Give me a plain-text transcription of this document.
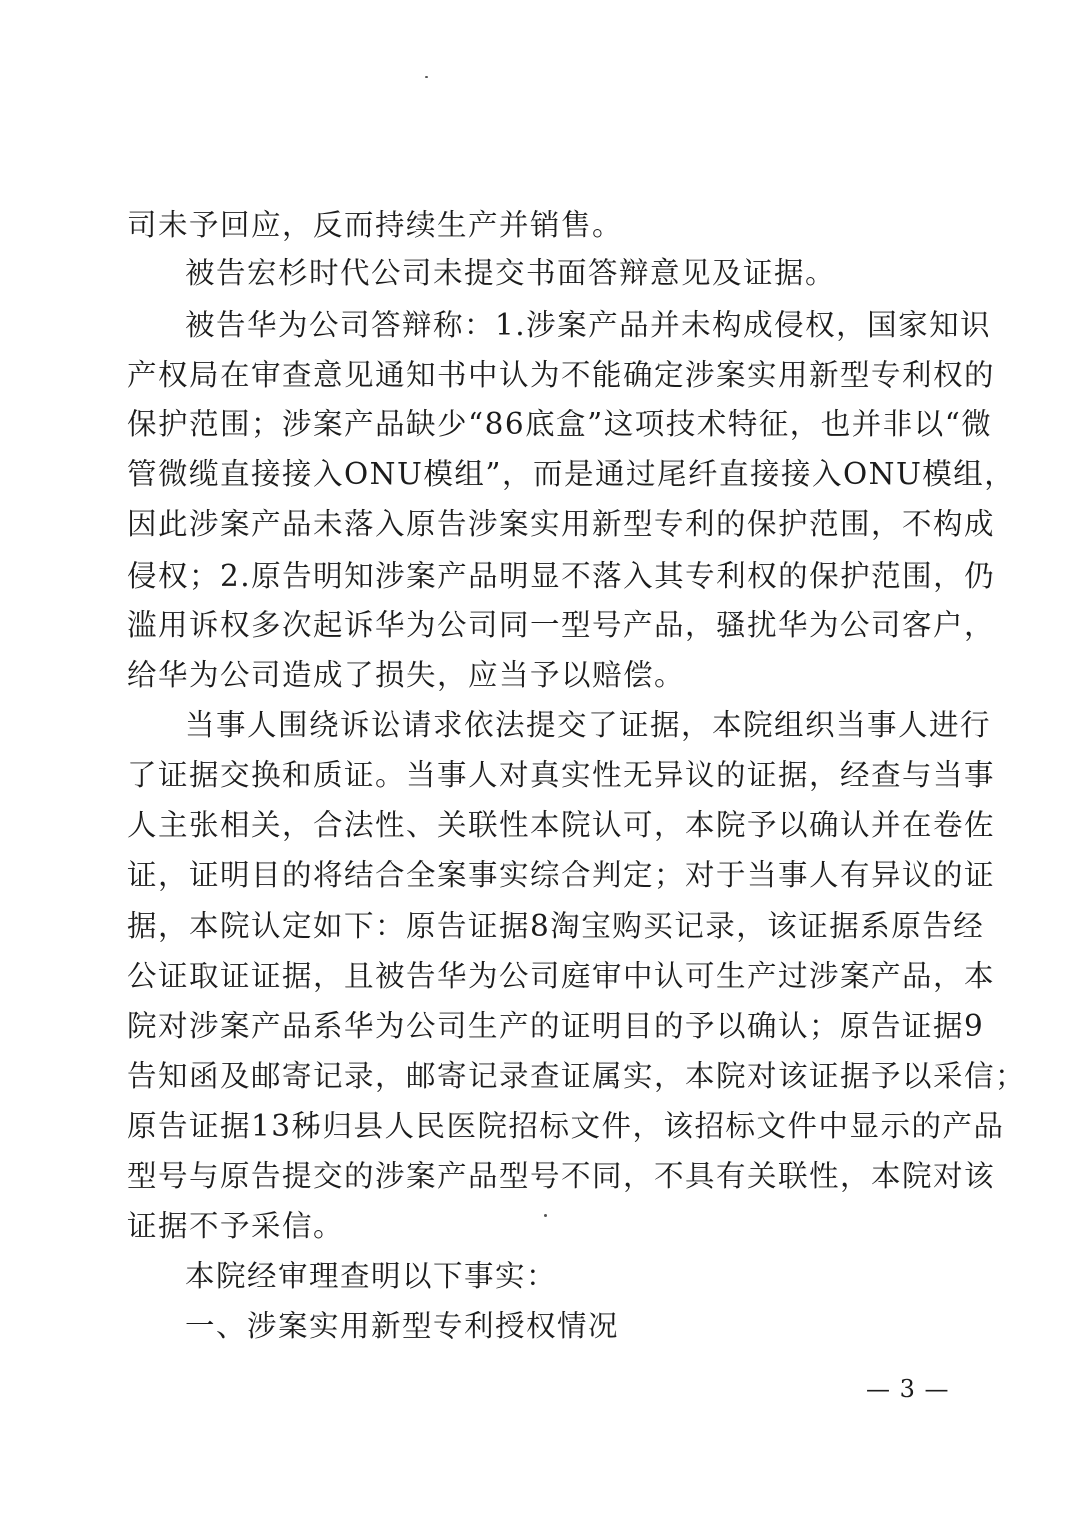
司未予回应，反而持续生产并销售。
被告宏杉时代公司未提交书面答辩意见及证据。
被告华为公司答辩称：1.涉案产品并未构成侵权，国家知识
产权局在审查意见通知书中认为不能确定涉案实用新型专利权的
保护范围；涉案产品缺少“86底盒”这项技术特征，也并非以“微
管微缆直接接入ONU模组”，而是通过尾纤直接接入ONU模组，
因此涉案产品未落入原告涉案实用新型专利的保护范围，不构成
侵权；2.原告明知涉案产品明显不落入其专利权的保护范围，仍
滥用诉权多次起诉华为公司同一型号产品，骚扰华为公司客户，
给华为公司造成了损失，应当予以赔偿。
当事人围绕诉讼请求依法提交了证据，本院组织当事人进行
了证据交换和质证。当事人对真实性无异议的证据，经查与当事
人主张相关，合法性、关联性本院认可，本院予以确认并在卷佐
证，证明目的将结合全案事实综合判定；对于当事人有异议的证
据，本院认定如下：原告证据8淘宝购买记录，该证据系原告经
公证取证证据，且被告华为公司庭审中认可生产过涉案产品，本
院对涉案产品系华为公司生产的证明目的予以确认；原告证据9
告知函及邮寄记录，邮寄记录查证属实，本院对该证据予以采信；
原告证据13秭归县人民医院招标文件，该招标文件中显示的产品
型号与原告提交的涉案产品型号不同，不具有关联性，本院对该
证据不予采信。
本院经审理查明以下事实：
一、涉案实用新型专利授权情况
— 3 —
